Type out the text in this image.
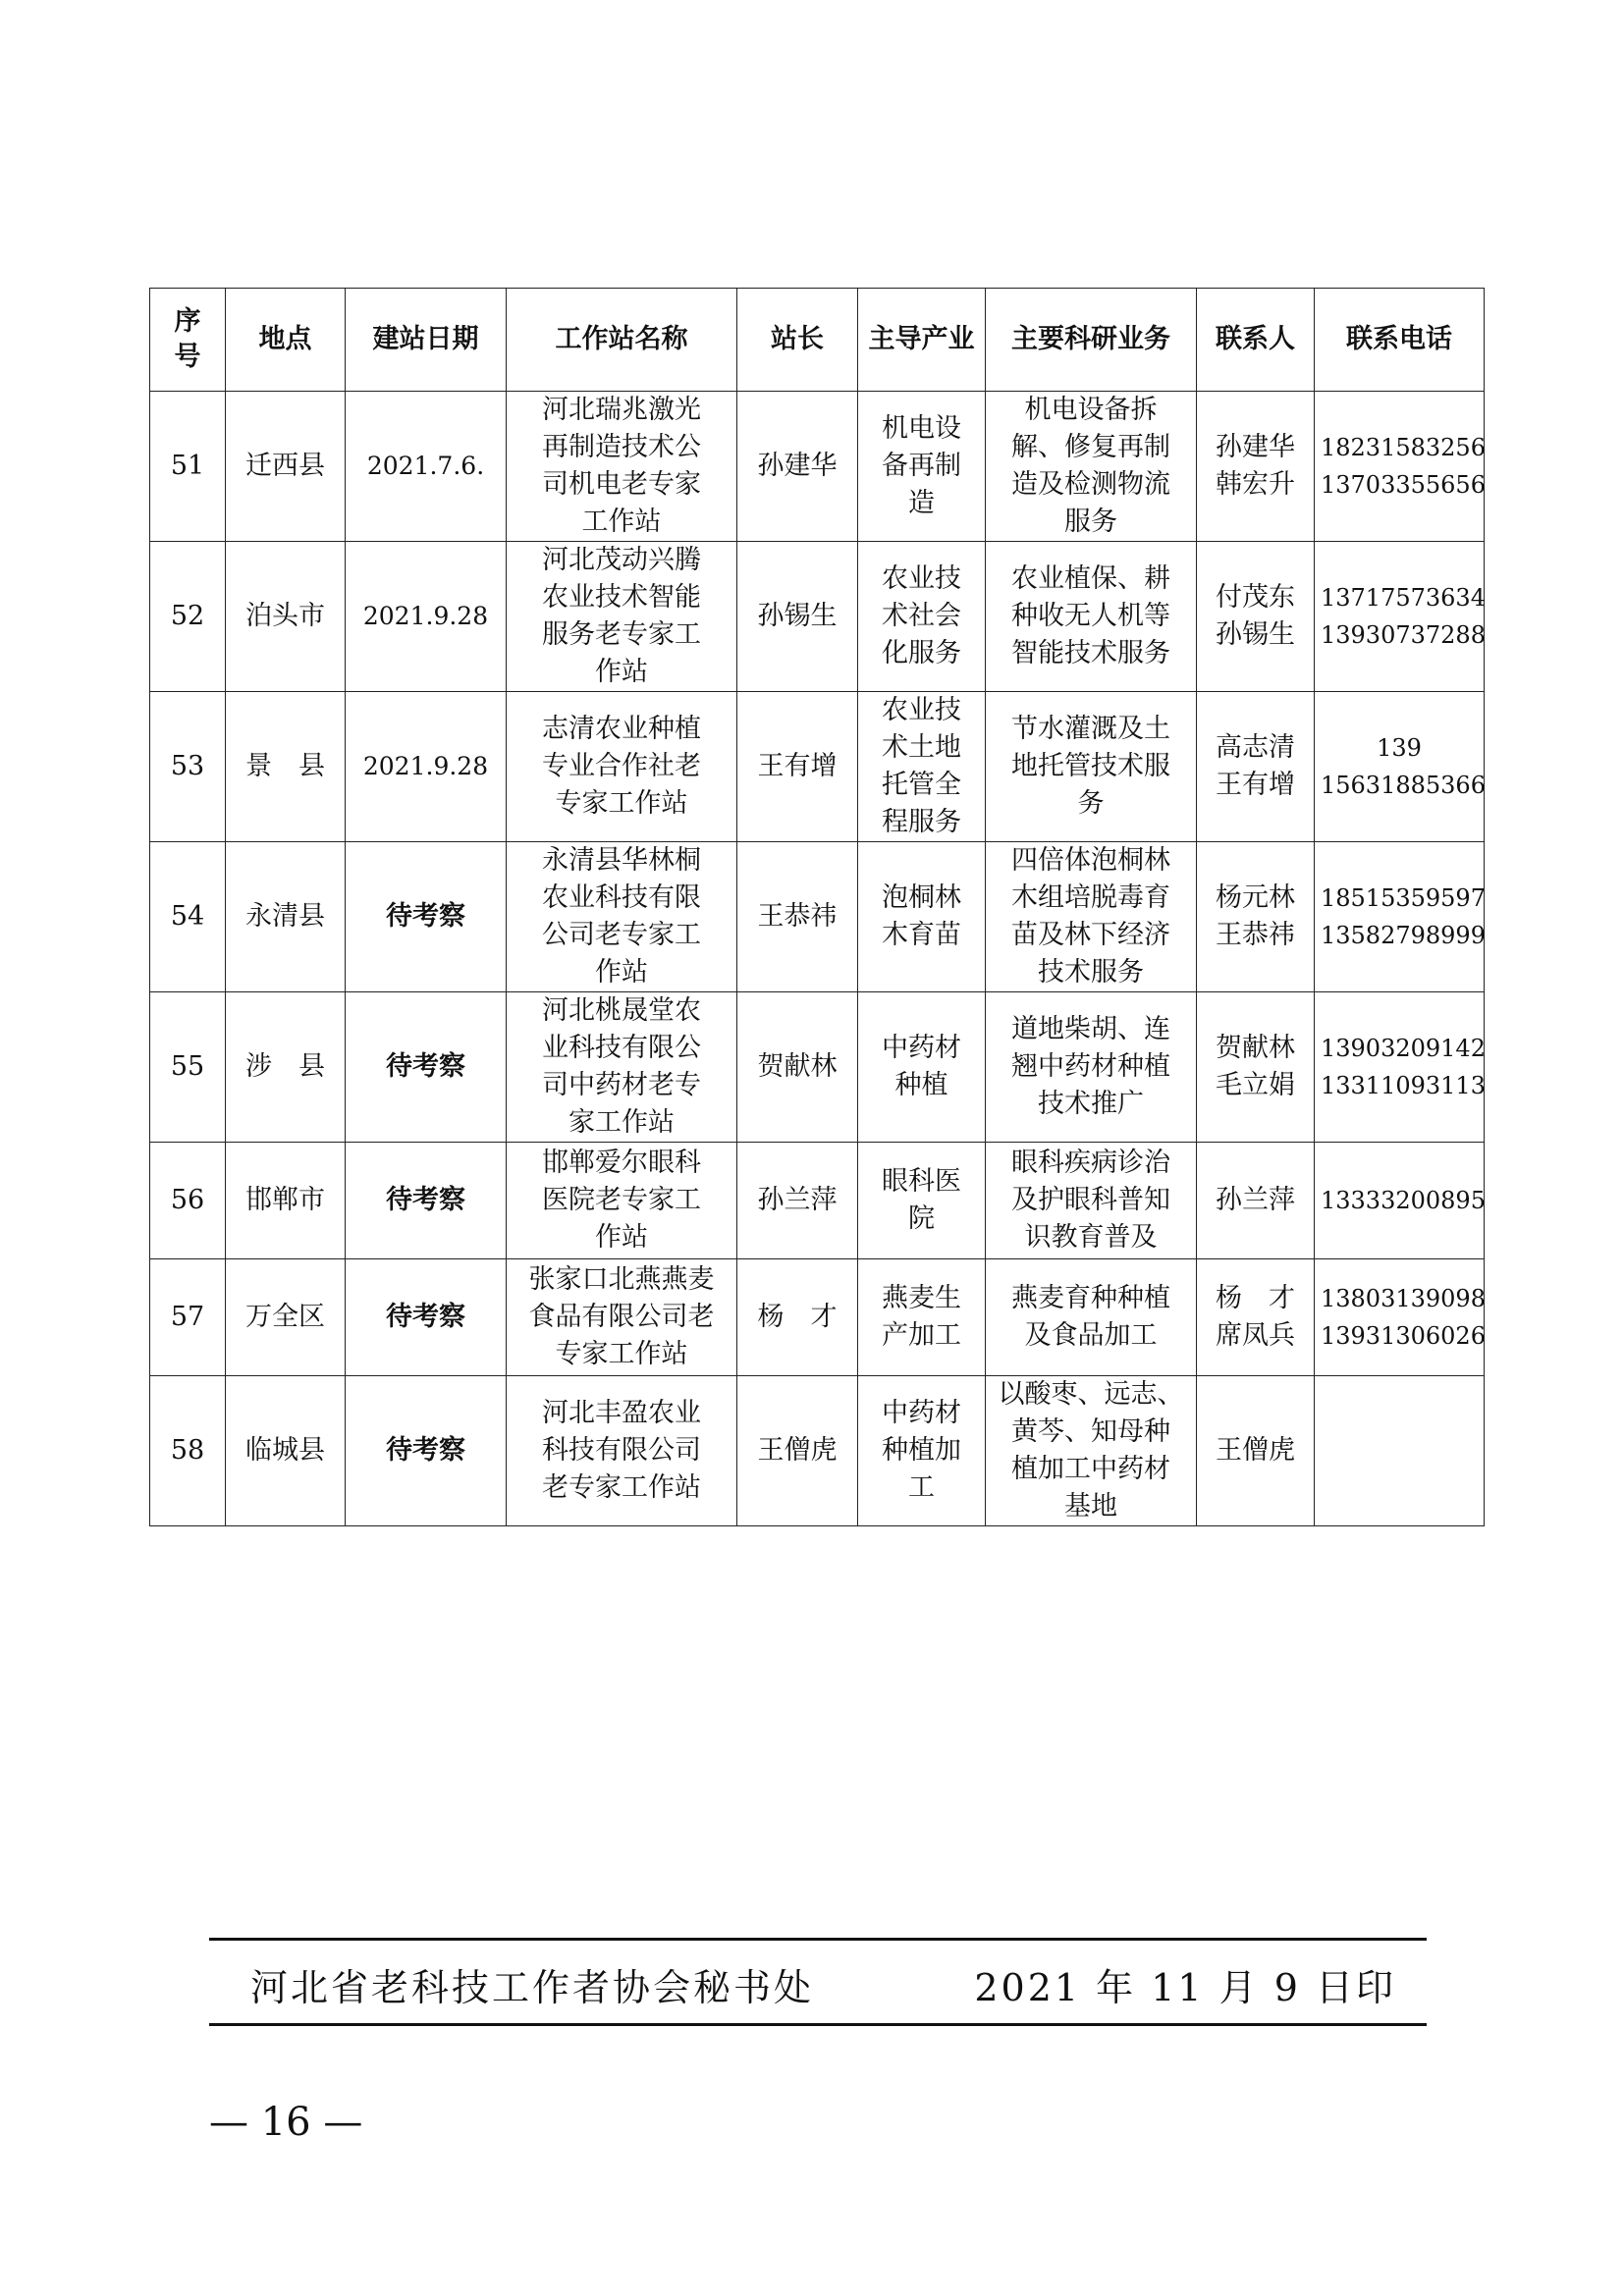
序
号	地点	建站日期	工作站名称	站长	主导产业	主要科研业务	联系人	联系电话
51	迁西县	2021.7.6.	河北瑞兆激光
再制造技术公
司机电老专家
工作站	孙建华	机电设
备再制
造	机电设备拆
解、修复再制
造及检测物流
服务	孙建华
韩宏升	18231583256
13703355656

52	泊头市	2021.9.28	河北茂动兴腾
农业技术智能
服务老专家工
作站	孙锡生	农业技
术社会
化服务	农业植保、耕
种收无人机等
智能技术服务	付茂东
孙锡生	13717573634
13930737288

53	景　县	2021.9.28	志清农业种植
专业合作社老
专家工作站	王有增	农业技
术土地
托管全
程服务	节水灌溉及土
地托管技术服
务	高志清
王有增	139
15631885366

54	永清县	待考察	永清县华林桐
农业科技有限
公司老专家工
作站	王恭祎	泡桐林
木育苗	四倍体泡桐林
木组培脱毒育
苗及林下经济
技术服务	杨元林
王恭祎	18515359597
13582798999

55	涉　县	待考察	河北桃晟堂农
业科技有限公
司中药材老专
家工作站	贺献林	中药材
种植	道地柴胡、连
翘中药材种植
技术推广	贺献林
毛立娟	13903209142
13311093113

56	邯郸市	待考察	邯郸爱尔眼科
医院老专家工
作站	孙兰萍	眼科医
院	眼科疾病诊治
及护眼科普知
识教育普及	孙兰萍	13333200895

57	万全区	待考察	张家口北燕燕麦
食品有限公司老
专家工作站	杨　才	燕麦生
产加工	燕麦育种种植
及食品加工	杨　才
席凤兵	13803139098
13931306026

58	临城县	待考察	河北丰盈农业
科技有限公司
老专家工作站	王僧虎	中药材
种植加
工	以酸枣、远志、
黄芩、知母种
植加工中药材
基地	王僧虎	

河北省老科技工作者协会秘书处	2021 年 11 月 9 日印
— 16 —
